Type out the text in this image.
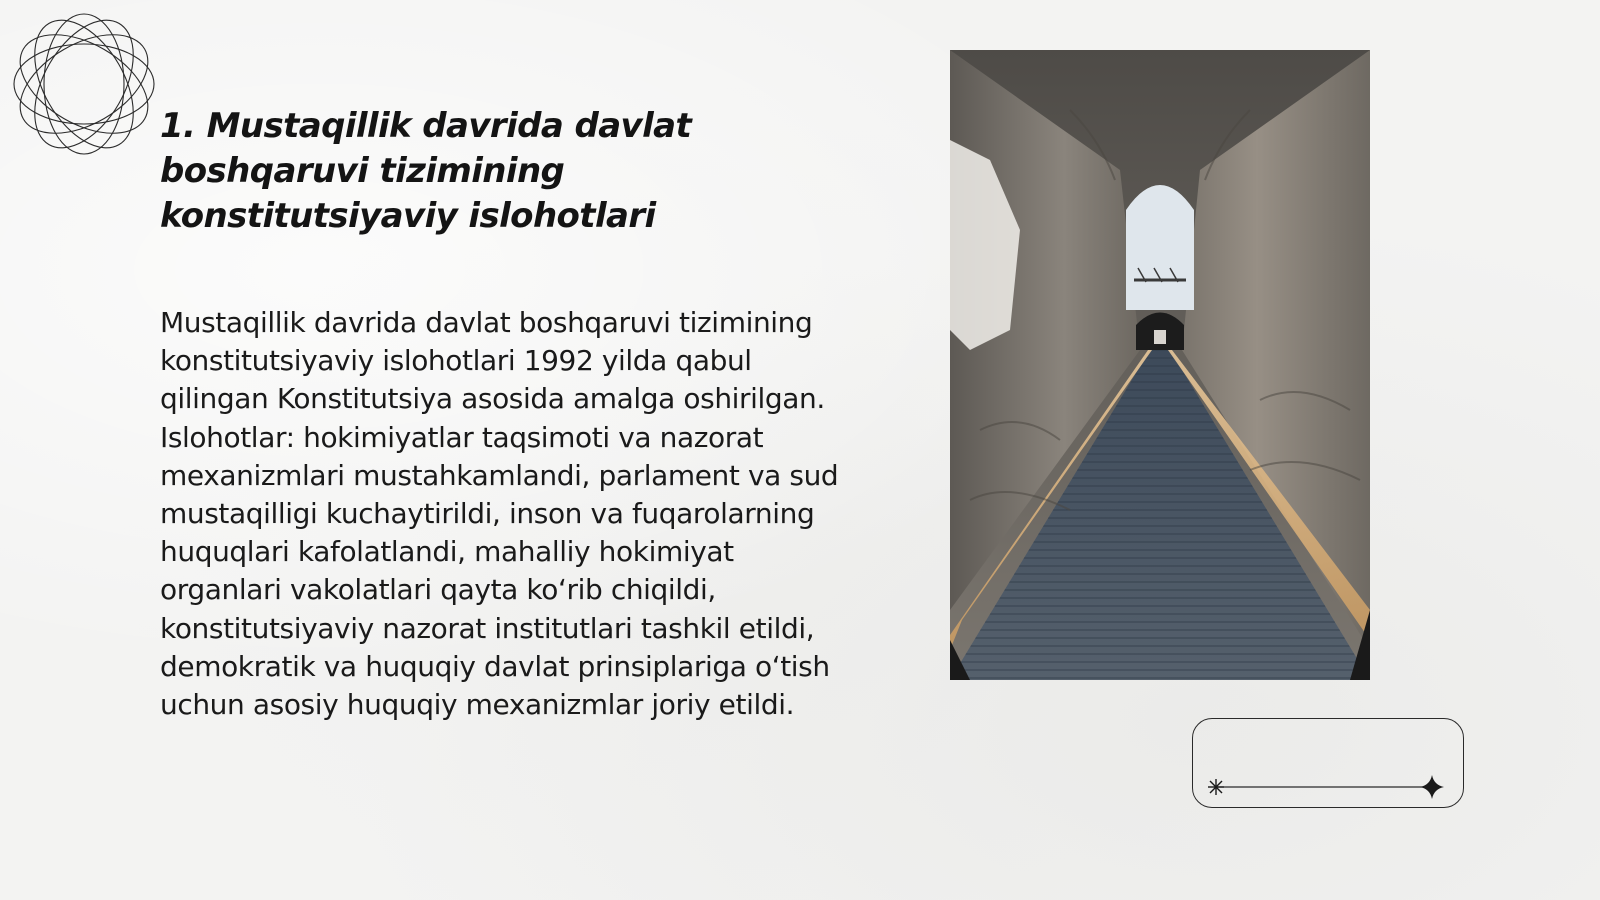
1. Mustaqillik davrida davlat boshqaruvi tizimining konstitutsiyaviy islohotlari

Mustaqillik davrida davlat boshqaruvi tizimining konstitutsiyaviy islohotlari 1992 yilda qabul qilingan Konstitutsiya asosida amalga oshirilgan. Islohotlar: hokimiyatlar taqsimoti va nazorat mexanizmlari mustahkamlandi, parlament va sud mustaqilligi kuchaytirildi, inson va fuqarolarning huquqlari kafolatlandi, mahalliy hokimiyat organlari vakolatlari qayta koʻrib chiqildi, konstitutsiyaviy nazorat institutlari tashkil etildi, demokratik va huquqiy davlat prinsiplariga oʻtish uchun asosiy huquqiy mexanizmlar joriy etildi.
